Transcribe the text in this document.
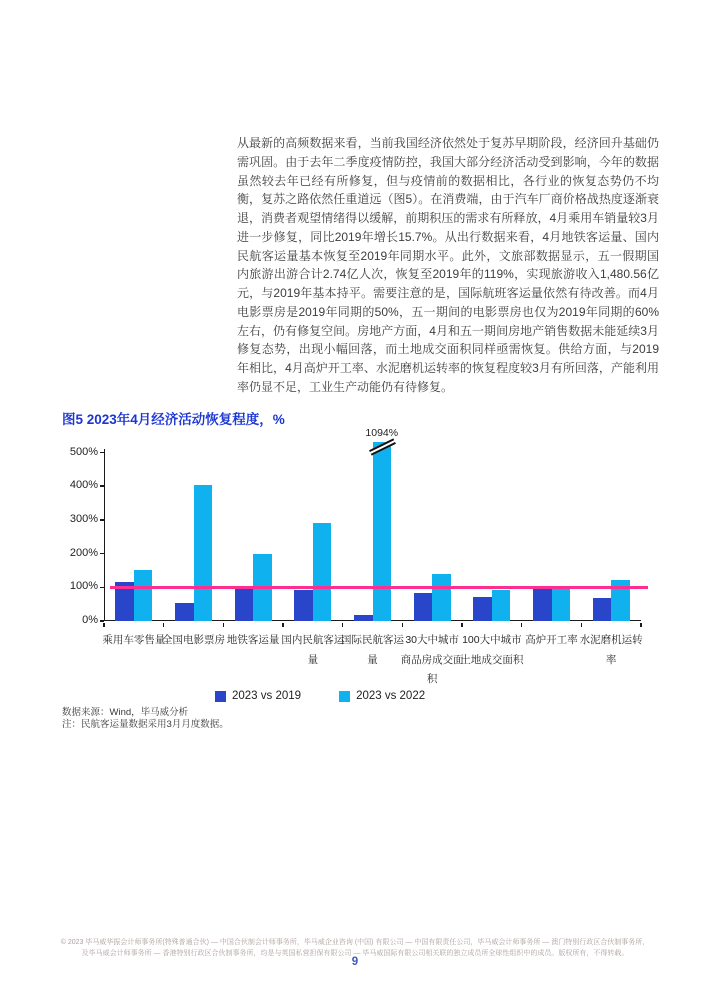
从最新的高频数据来看，当前我国经济依然处于复苏早期阶段，经济回升基础仍需巩固。由于去年二季度疫情防控，我国大部分经济活动受到影响，今年的数据虽然较去年已经有所修复，但与疫情前的数据相比，各行业的恢复态势仍不均衡，复苏之路依然任重道远（图5）。在消费端，由于汽车厂商价格战热度逐渐衰退，消费者观望情绪得以缓解，前期积压的需求有所释放，4月乘用车销量较3月进一步修复，同比2019年增长15.7%。从出行数据来看，4月地铁客运量、国内民航客运量基本恢复至2019年同期水平。此外，文旅部数据显示，五一假期国内旅游出游合计2.74亿人次，恢复至2019年的119%，实现旅游收入1,480.56亿元，与2019年基本持平。需要注意的是，国际航班客运量依然有待改善。而4月电影票房是2019年同期的50%，五一期间的电影票房也仅为2019年同期的60%左右，仍有修复空间。房地产方面，4月和五一期间房地产销售数据未能延续3月修复态势，出现小幅回落，而土地成交面积同样亟需恢复。供给方面，与2019年相比，4月高炉开工率、水泥磨机运转率的恢复程度较3月有所回落，产能利用率仍显不足，工业生产动能仍有待修复。
图5 2023年4月经济活动恢复程度，%
0%
100%
200%
300%
400%
500%
乘用车零售量
全国电影票房 地铁客运量 国内民航客运量
1094%
国际民航客运量
30大中城市商品房成交面积
100大中城市土地成交面积
高炉开工率 水泥磨机运转率
2023 vs 2019	2023 vs 2022
数据来源：Wind，毕马威分析
注：民航客运量数据采用3月月度数据。
© 2023 毕马威华振会计师事务所(特殊普通合伙) — 中国合伙制会计师事务所，毕马威企业咨询 (中国) 有限公司 — 中国有限责任公司，毕马威会计师事务所 — 澳门特别行政区合伙制事务所，
及毕马威会计师事务所 — 香港特别行政区合伙制事务所，均是与英国私营担保有限公司 — 毕马威国际有限公司相关联的独立成员所全球性组织中的成员。版权所有，不得转载。
9
